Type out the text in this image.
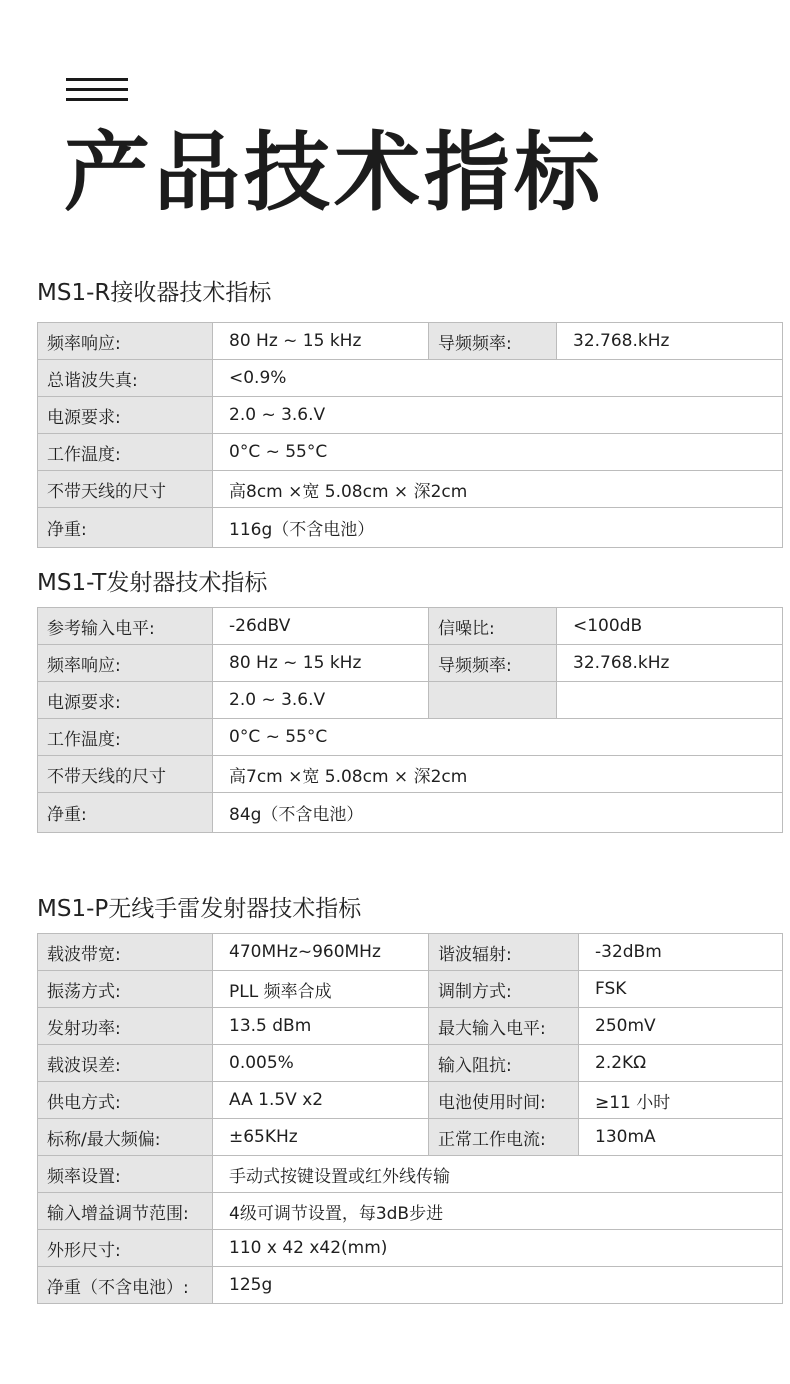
产品技术指标
MS1-R接收器技术指标
频率响应:	80 Hz ~ 15 kHz	导频频率:	32.768.kHz
总谐波失真:	<0.9%		
电源要求:	2.0 ~ 3.6.V		
工作温度:	0°C ~ 55°C		
不带天线的尺寸	高8cm ×宽 5.08cm × 深2cm		
净重:	116g（不含电池）		
MS1-T发射器技术指标
参考输入电平:	-26dBV	信噪比:	<100dB
频率响应:	80 Hz ~ 15 kHz	导频频率:	32.768.kHz
电源要求:	2.0 ~ 3.6.V		
工作温度:	0°C ~ 55°C		
不带天线的尺寸	高7cm ×宽 5.08cm × 深2cm		
净重:	84g（不含电池）		
MS1-P无线手雷发射器技术指标
载波带宽:	470MHz~960MHz	谐波辐射:	-32dBm
振荡方式:	PLL 频率合成	调制方式:	FSK
发射功率:	13.5 dBm	最大输入电平:	250mV
载波误差:	0.005%	输入阻抗:	2.2KΩ
供电方式:	AA 1.5V x2	电池使用时间:	≥11 小时
标称/最大频偏:	±65KHz	正常工作电流:	130mA
频率设置:	手动式按键设置或红外线传输		
输入增益调节范围:	4级可调节设置，每3dB步进		
外形尺寸:	110 x 42 x42(mm)		
净重（不含电池）:	125g		
